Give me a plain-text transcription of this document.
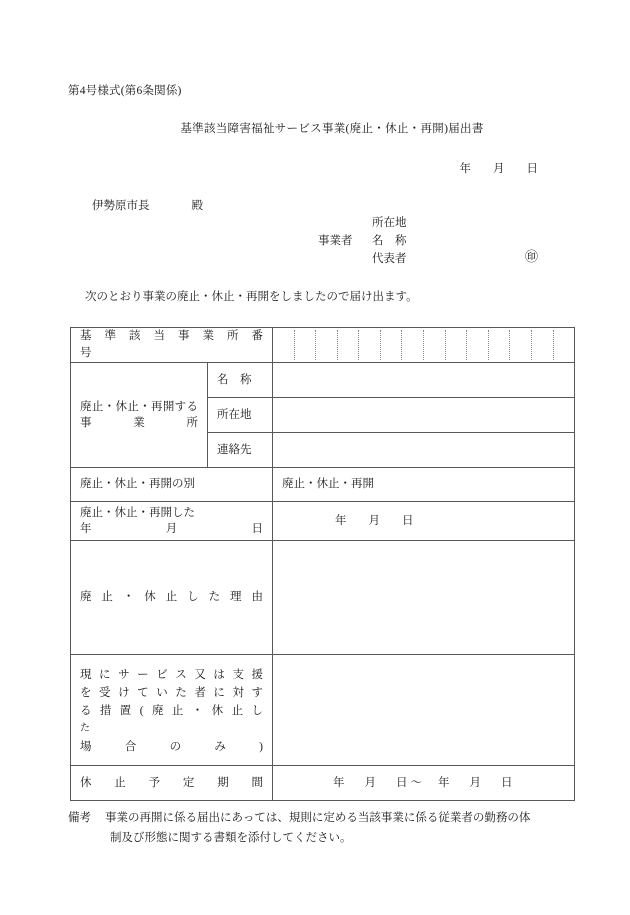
第4号様式(第6条関係)
基準該当障害福祉サービス事業(廃止・休止・再開)届出書
年 月 日
伊勢原市長	殿
所在地
事業者	名　称
代表者	㊞
次のとおり事業の廃止・休止・再開をしましたので届け出ます。
基　準　該　当　事　業　所　番　号		

廃止・休止・再開する
事　　　業　　　所	名　称	

	所在地	

	連絡先	

廃止・休止・再開の別		廃止・休止・再開

廃止・休止・再開した
年　　　月　　　日		年 月 日

廃止・休止した理由		

現にサービス又は支援
を受けていた者に対す
る措置(廃止・休止し
た
場　合　の　み　)		

休　止　予　定　期　間		年 月 日 ～ 年 月 日
備考 事業の再開に係る届出にあっては、規則に定める当該事業に係る従業者の勤務の体
制及び形態に関する書類を添付してください。
